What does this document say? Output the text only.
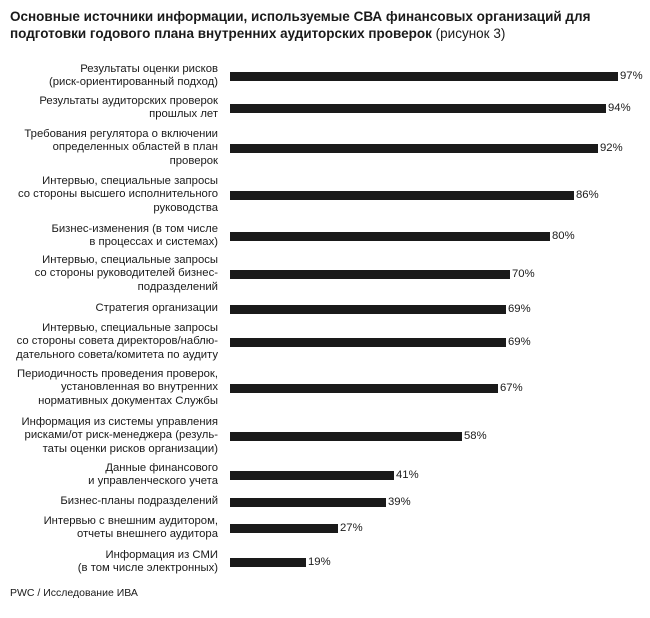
Основные источники информации, используемые СВА финансовых организаций для подготовки годового плана внутренних аудиторских проверок (рисунок 3)
Результаты оценки рисков
(риск-ориентированный подход)
97%
Результаты аудиторских проверок
прошлых лет
94%
Требования регулятора о включении
определенных областей в план
проверок
92%
Интервью, специальные запросы
со стороны высшего исполнительного
руководства
86%
Бизнес-изменения (в том числе
в процессах и системах)
80%
Интервью, специальные запросы
со стороны руководителей бизнес-
подразделений
70%
Стратегия организации	69%
Интервью, специальные запросы
со стороны совета директоров/наблю-
дательного совета/комитета по аудиту
69%
Периодичность проведения проверок,
установленная во внутренних
нормативных документах Службы
67%
Информация из системы управления
рисками/от риск-менеджера (резуль-
таты оценки рисков организации)
58%
Данные финансового
и управленческого учета
41%
Бизнес-планы подразделений	39%
Интервью с внешним аудитором,
отчеты внешнего аудитора
27%
Информация из СМИ
(в том числе электронных)
19%
PWC / Исследование ИВА
